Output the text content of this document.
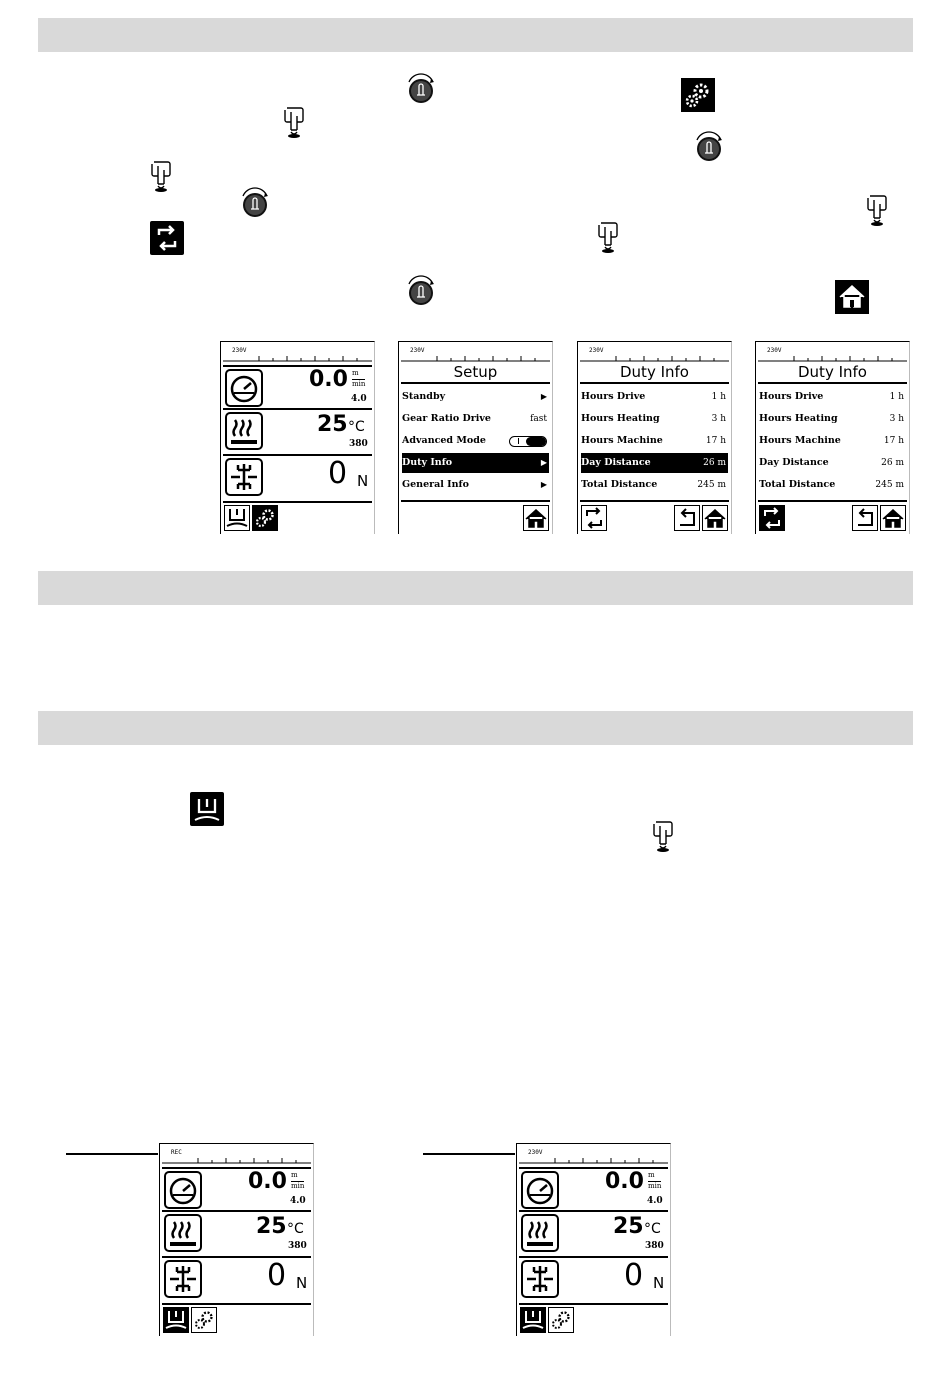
230V
0.0 m
min
4.0
25 °C
380
0 N
230V
Setup
Standby	▶
Gear Ratio Drive	fast
Advanced Mode
Duty Info	▶
General Info	▶
230V
Duty Info
Hours Drive	1 h
Hours Heating	3 h
Hours Machine	17 h
Day Distance	26 m
Total Distance	245 m
230V
Duty Info
Hours Drive	1 h
Hours Heating	3 h
Hours Machine	17 h
Day Distance	26 m
Total Distance	245 m
REC
0.0 m
min
4.0
25 °C
380
0 N
230V
0.0 m
min
4.0
25 °C
380
0 N
